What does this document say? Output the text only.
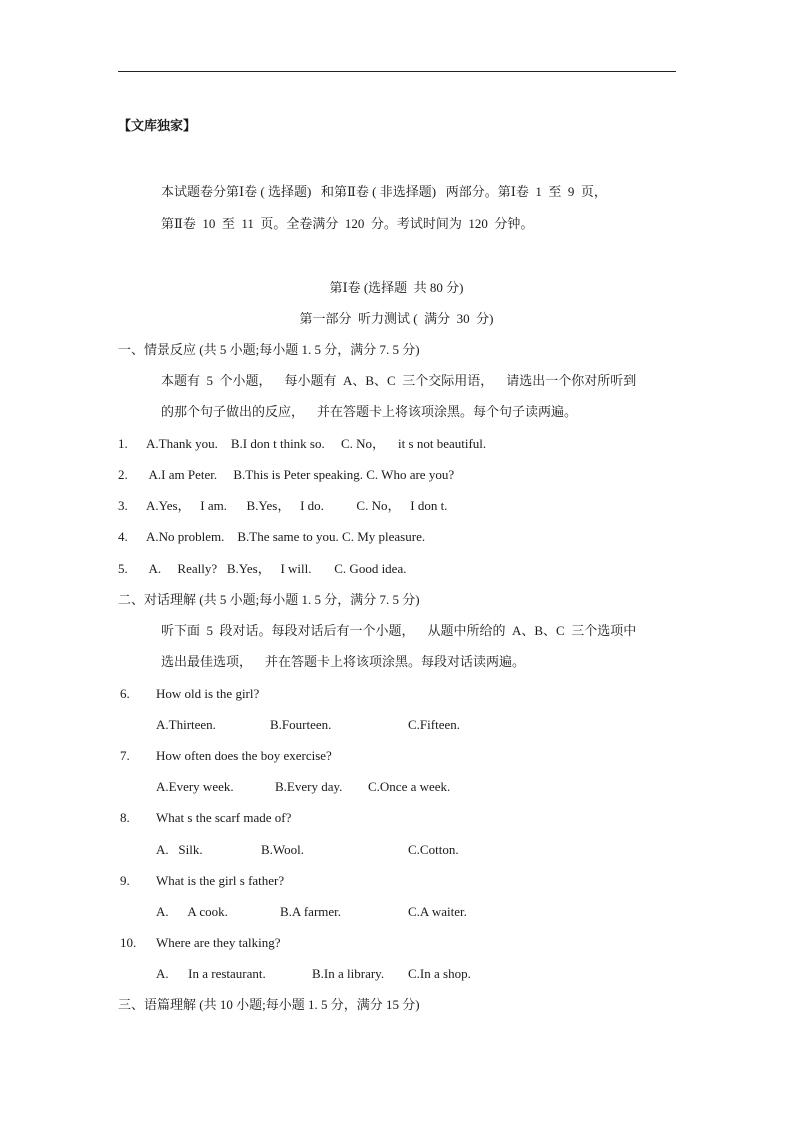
【文库独家】
本试题卷分第Ⅰ卷 ( 选择题)   和第Ⅱ卷 ( 非选择题)   两部分。第Ⅰ卷  1  至  9  页，
第Ⅱ卷  10  至  11  页。全卷满分  120  分。考试时间为  120  分钟。
第Ⅰ卷 (选择题  共 80 分)
第一部分  听力测试 (  满分  30  分)
一、情景反应 (共 5 小题;每小题 1. 5 分，满分 7. 5 分)
本题有  5  个小题，    每小题有  A、B、C  三个交际用语，    请选出一个你对所听到
的那个句子做出的反应，    并在答题卡上将该项涂黑。每个句子读两遍。
1. A.Thank you.    B.I don t think so.     C. No，    it s not beautiful.
2. A.I am Peter.     B.This is Peter speaking. C. Who are you?
3. A.Yes，   I am.      B.Yes，   I do.          C. No，   I don t.
4. A.No problem.    B.The same to you. C. My pleasure.
5. A.     Really?   B.Yes，   I will.       C. Good idea.
二、对话理解 (共 5 小题;每小题 1. 5 分，满分 7. 5 分)
听下面  5  段对话。每段对话后有一个小题，    从题中所给的  A、B、C  三个选项中
选出最佳选项，    并在答题卡上将该项涂黑。每段对话读两遍。
6. How old is the girl?
A.Thirteen.	B.Fourteen.	C.Fifteen.
7. How often does the boy exercise?
A.Every week.	B.Every day. C.Once a week.
8. What s the scarf made of?
A.   Silk.	B.Wool.	C.Cotton.
9. What is the girl s father?
A.      A cook.	B.A farmer.	C.A waiter.
10. Where are they talking?
A.      In a restaurant.	B.In a library. C.In a shop.
三、语篇理解 (共 10 小题;每小题 1. 5 分，满分 15 分)
